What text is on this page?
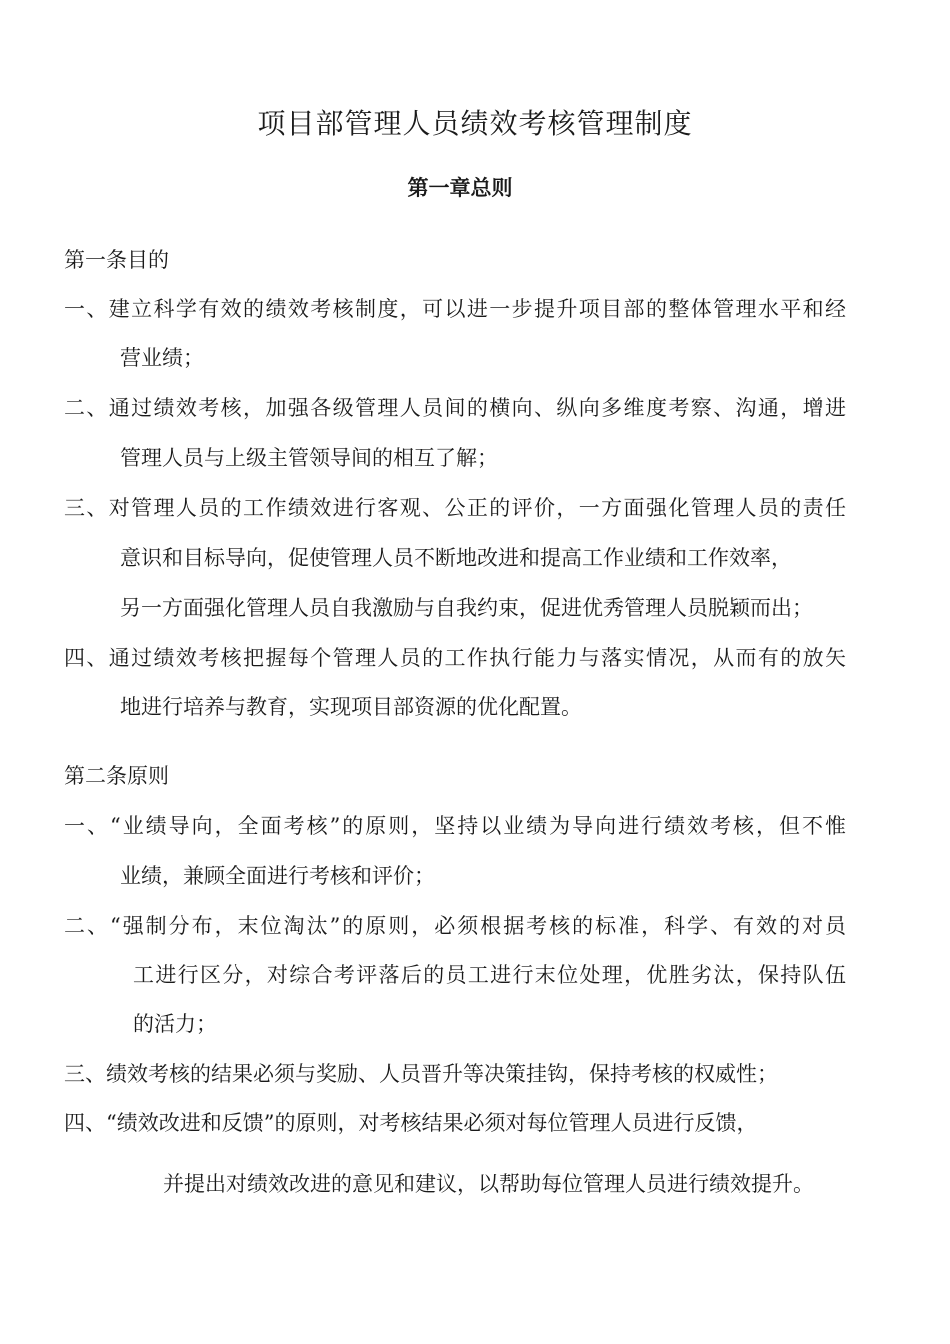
项目部管理人员绩效考核管理制度
第一章总则
第一条目的
一、建立科学有效的绩效考核制度，可以进一步提升项目部的整体管理水平和经
营业绩；
二、通过绩效考核，加强各级管理人员间的横向、纵向多维度考察、沟通，增进
管理人员与上级主管领导间的相互了解；
三、对管理人员的工作绩效进行客观、公正的评价，一方面强化管理人员的责任
意识和目标导向，促使管理人员不断地改进和提高工作业绩和工作效率，
另一方面强化管理人员自我激励与自我约束，促进优秀管理人员脱颖而出；
四、通过绩效考核把握每个管理人员的工作执行能力与落实情况，从而有的放矢
地进行培养与教育，实现项目部资源的优化配置。
第二条原则
一、“业绩导向，全面考核”的原则，坚持以业绩为导向进行绩效考核，但不惟
业绩，兼顾全面进行考核和评价；
二、“强制分布，末位淘汰”的原则，必须根据考核的标准，科学、有效的对员
工进行区分，对综合考评落后的员工进行末位处理，优胜劣汰，保持队伍
的活力；
三、绩效考核的结果必须与奖励、人员晋升等决策挂钩，保持考核的权威性；
四、“绩效改进和反馈”的原则，对考核结果必须对每位管理人员进行反馈，
并提出对绩效改进的意见和建议，以帮助每位管理人员进行绩效提升。
